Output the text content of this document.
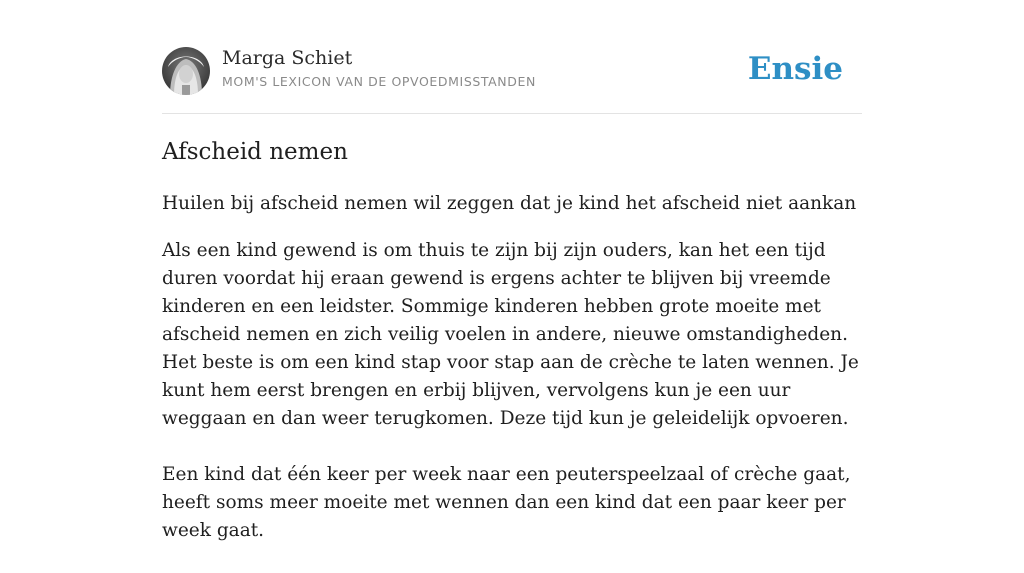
Marga Schiet
MOM'S LEXICON VAN DE OPVOEDMISSTANDEN	Ensie
Afscheid nemen

Huilen bij afscheid nemen wil zeggen dat je kind het afscheid niet aankan

Als een kind gewend is om thuis te zijn bij zijn ouders, kan het een tijd duren voordat hij eraan gewend is ergens achter te blijven bij vreemde kinderen en een leidster. Sommige kinderen hebben grote moeite met afscheid nemen en zich veilig voelen in andere, nieuwe omstandigheden. Het beste is om een kind stap voor stap aan de crèche te laten wennen. Je kunt hem eerst brengen en erbij blijven, vervolgens kun je een uur weggaan en dan weer terugkomen. Deze tijd kun je geleidelijk opvoeren.

Een kind dat één keer per week naar een peuterspeelzaal of crèche gaat, heeft soms meer moeite met wennen dan een kind dat een paar keer per week gaat.
